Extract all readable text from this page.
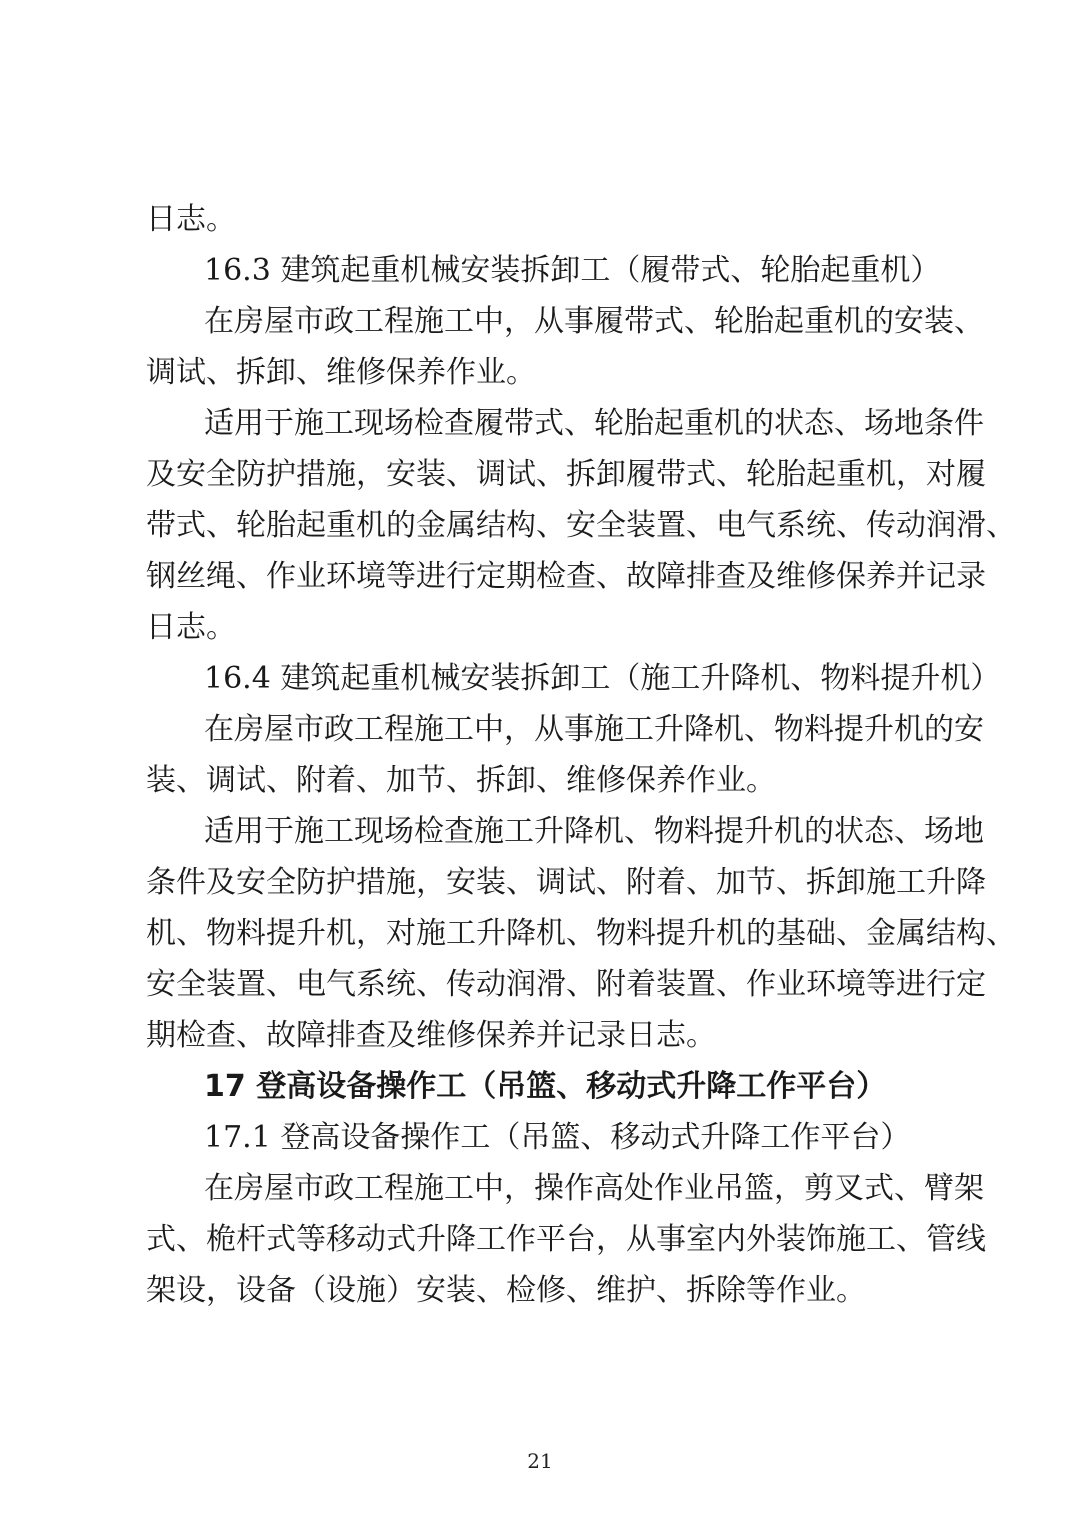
日志。
16.3 建筑起重机械安装拆卸工（履带式、轮胎起重机）
在房屋市政工程施工中，从事履带式、轮胎起重机的安装、
调试、拆卸、维修保养作业。
适用于施工现场检查履带式、轮胎起重机的状态、场地条件
及安全防护措施，安装、调试、拆卸履带式、轮胎起重机，对履
带式、轮胎起重机的金属结构、安全装置、电气系统、传动润滑、
钢丝绳、作业环境等进行定期检查、故障排查及维修保养并记录
日志。
16.4 建筑起重机械安装拆卸工（施工升降机、物料提升机）
在房屋市政工程施工中，从事施工升降机、物料提升机的安
装、调试、附着、加节、拆卸、维修保养作业。
适用于施工现场检查施工升降机、物料提升机的状态、场地
条件及安全防护措施，安装、调试、附着、加节、拆卸施工升降
机、物料提升机，对施工升降机、物料提升机的基础、金属结构、
安全装置、电气系统、传动润滑、附着装置、作业环境等进行定
期检查、故障排查及维修保养并记录日志。
17 登高设备操作工（吊篮、移动式升降工作平台）
17.1 登高设备操作工（吊篮、移动式升降工作平台）
在房屋市政工程施工中，操作高处作业吊篮，剪叉式、臂架
式、桅杆式等移动式升降工作平台，从事室内外装饰施工、管线
架设，设备（设施）安装、检修、维护、拆除等作业。
21
